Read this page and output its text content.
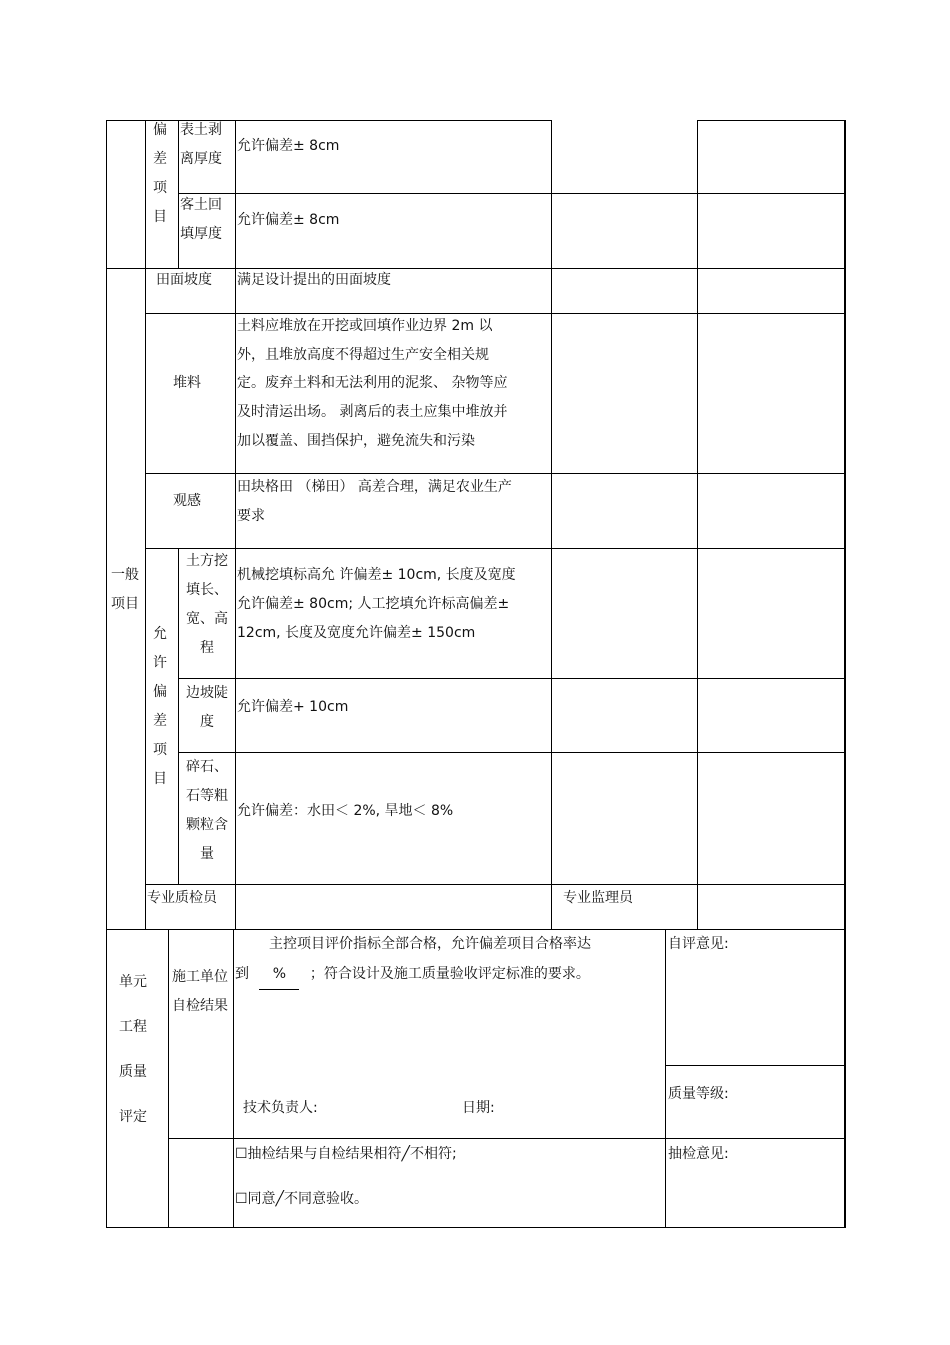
偏差项目
表土剥离厚度
允许偏差± 8cm
客土回填厚度
允许偏差± 8cm
一般项目
田面坡度 满足设计提出的田面坡度
堆料
土料应堆放在开挖或回填作业边界 2m 以
外，且堆放高度不得超过生产安全相关规
定。废弃土料和无法利用的泥浆、 杂物等应
及时清运出场。 剥离后的表土应集中堆放并
加以覆盖、围挡保护，避免流失和污染
观感
田块格田 （梯田） 高差合理，满足农业生产
要求
允许偏差项目
土方挖填长、宽、高程
机械挖填标高允 许偏差± 10cm, 长度及宽度
允许偏差± 80cm; 人工挖填允许标高偏差±
12cm, 长度及宽度允许偏差± 150cm
边坡陡度
允许偏差+ 10cm
碎石、石等粗颗粒含量
允许偏差：水田＜ 2%, 旱地＜ 8%
专业质检员	专业监理员
单元
工程
质量
评定
施工单位自检结果
主控项目评价指标全部合格，允许偏差项目合格率达
到 % ；符合设计及施工质量验收评定标准的要求。
技术负责人:	日期:
自评意见:
质量等级:
☐抽检结果与自检结果相符╱不相符;
☐同意╱不同意验收。
抽检意见:
